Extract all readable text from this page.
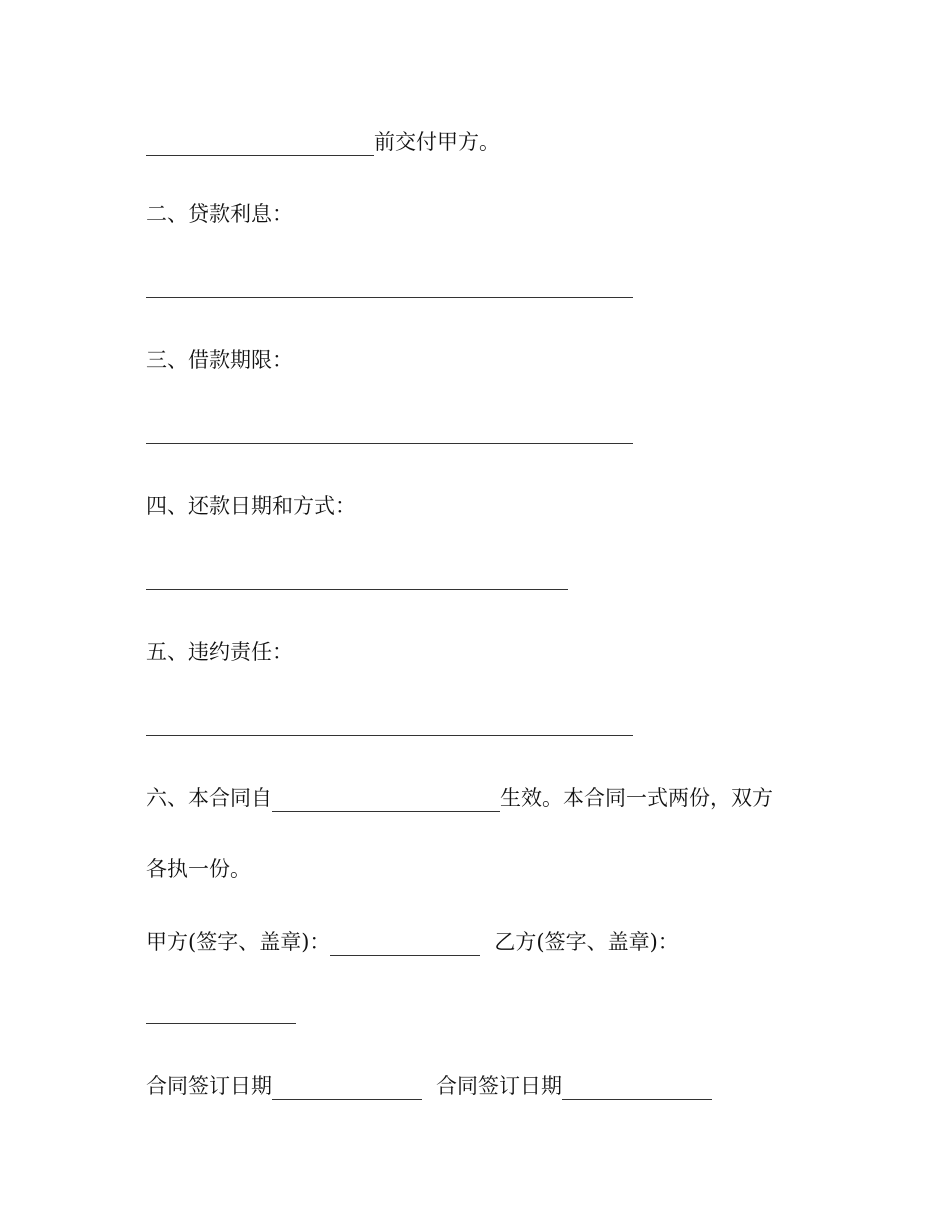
前交付甲方。
二、贷款利息：
三、借款期限：
四、还款日期和方式：
五、违约责任：
六、本合同自	生效。本合同一式两份，双方
各执一份。
甲方(签字、盖章)：	乙方(签字、盖章)：
合同签订日期	合同签订日期
